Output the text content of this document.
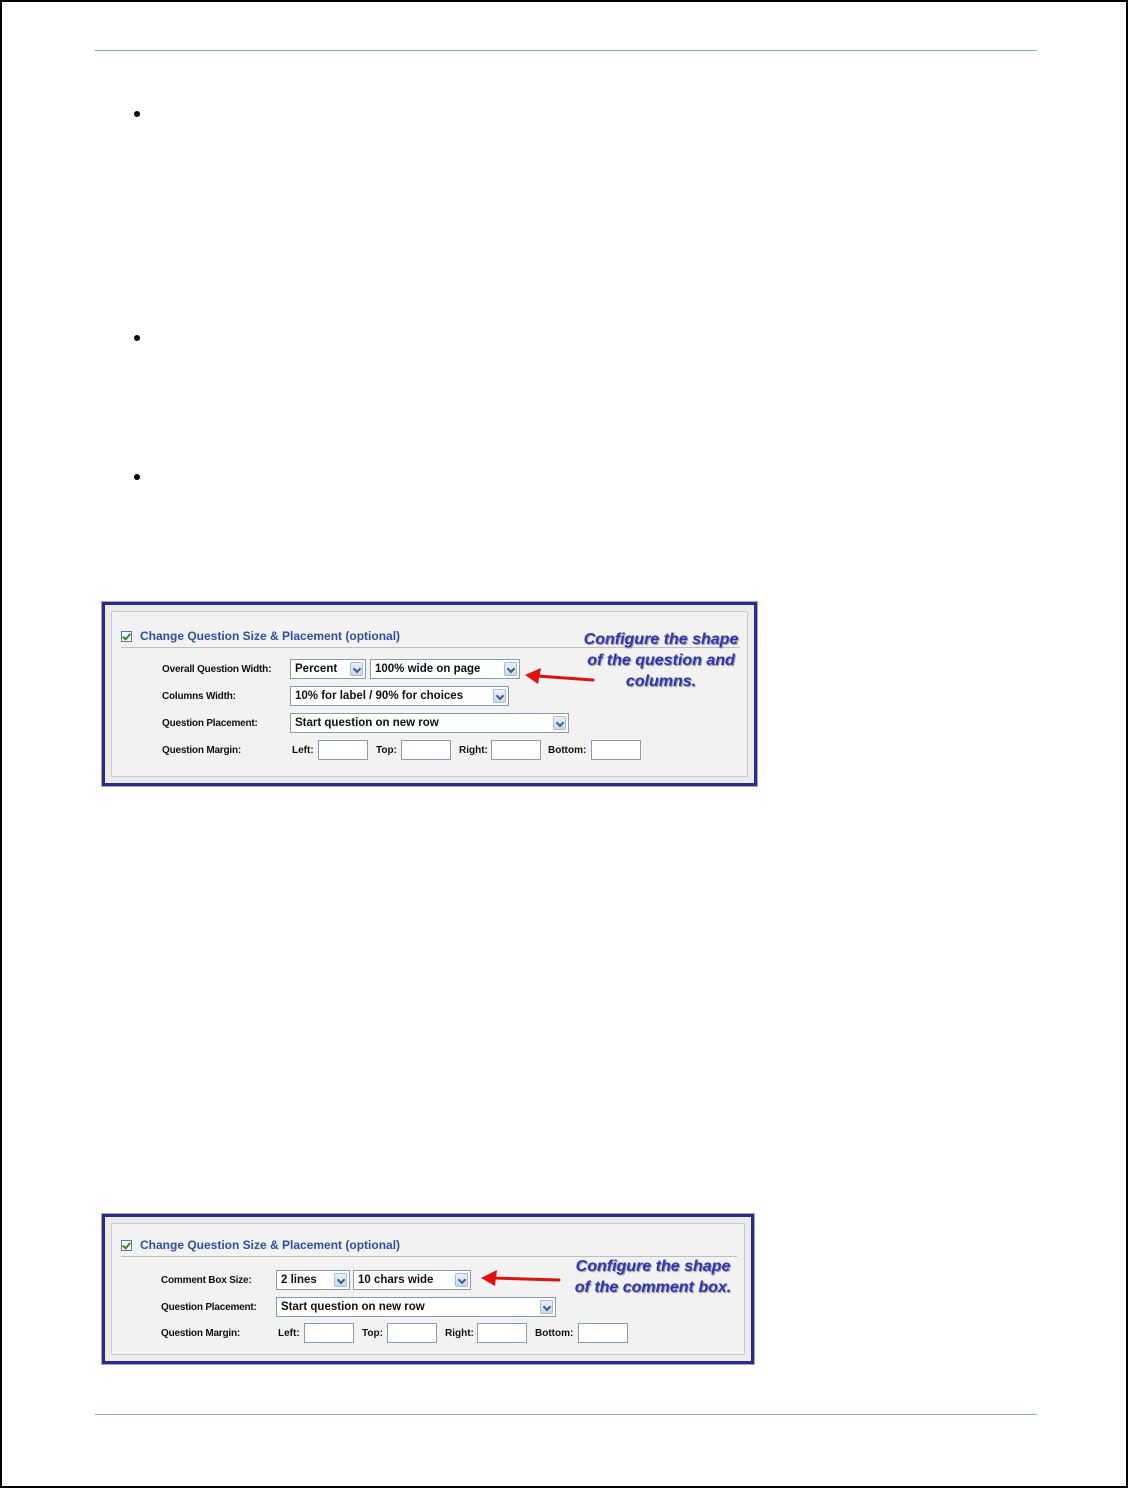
Change Question Size & Placement (optional)
Overall Question Width:	Percent	100% wide on page
Columns Width:	10% for label / 90% for choices
Question Placement:	Start question on new row
Question Margin:	Left:	Top:	Right:	Bottom:
Configure the shape
of the question and
columns.
Change Question Size & Placement (optional)
Comment Box Size:	2 lines	10 chars wide
Question Placement:	Start question on new row
Question Margin:	Left:	Top:	Right:	Bottom:
Configure the shape
of the comment box.
